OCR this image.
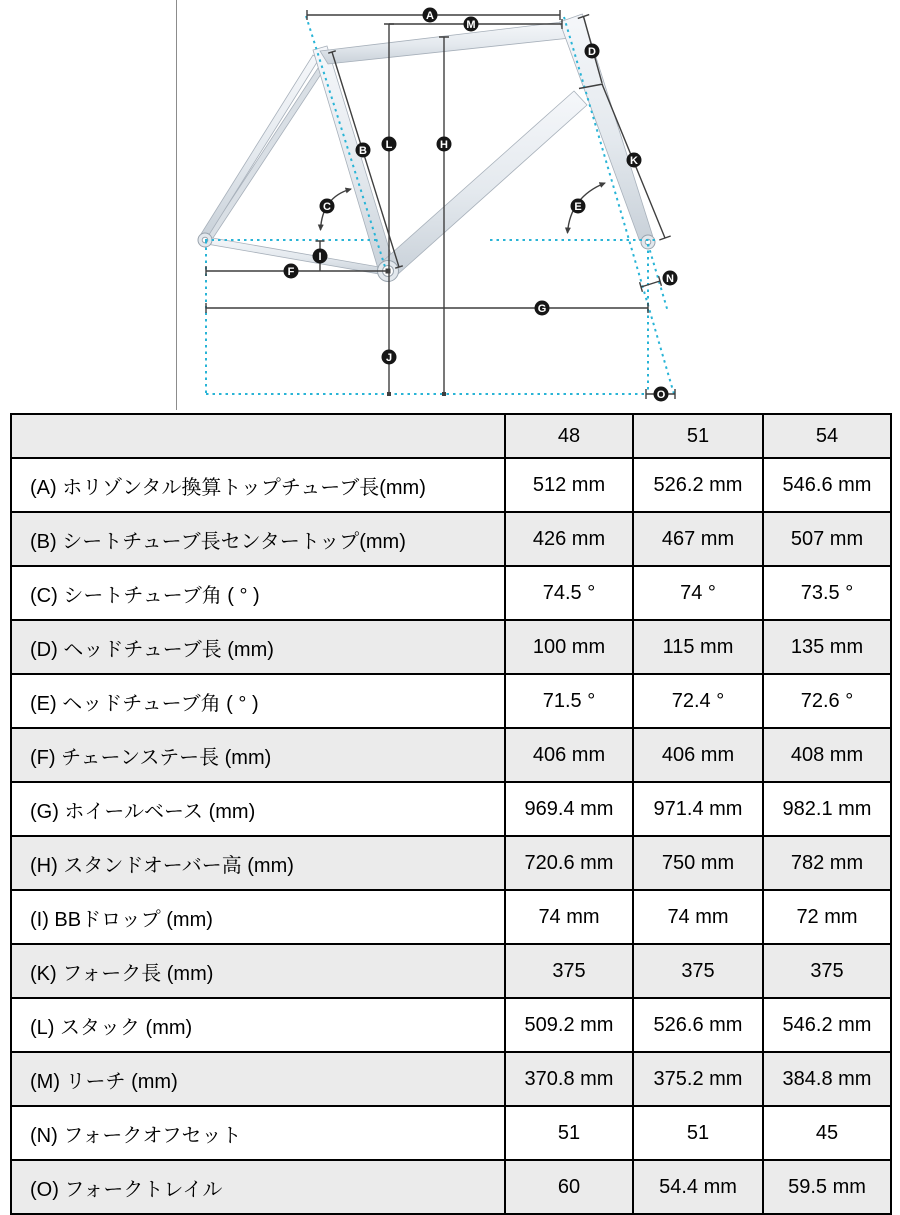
A
B
C
D
E
F
G
H
I
J
K
L
M
N
O
	48	51	54
(A) ホリゾンタル換算トップチューブ長(mm)	512 mm	526.2 mm	546.6 mm
(B) シートチューブ長センタートップ(mm)	426 mm	467 mm	507 mm
(C) シートチューブ角 ( ° )	74.5 °	74 °	73.5 °
(D) ヘッドチューブ長 (mm)	100 mm	115 mm	135 mm
(E) ヘッドチューブ角 ( ° )	71.5 °	72.4 °	72.6 °
(F) チェーンステー長 (mm)	406 mm	406 mm	408 mm
(G) ホイールベース (mm)	969.4 mm	971.4 mm	982.1 mm
(H) スタンドオーバー高 (mm)	720.6 mm	750 mm	782 mm
(I) BBドロップ (mm)	74 mm	74 mm	72 mm
(K) フォーク長 (mm)	375	375	375
(L) スタック (mm)	509.2 mm	526.6 mm	546.2 mm
(M) リーチ (mm)	370.8 mm	375.2 mm	384.8 mm
(N) フォークオフセット	51	51	45
(O) フォークトレイル	60	54.4 mm	59.5 mm
